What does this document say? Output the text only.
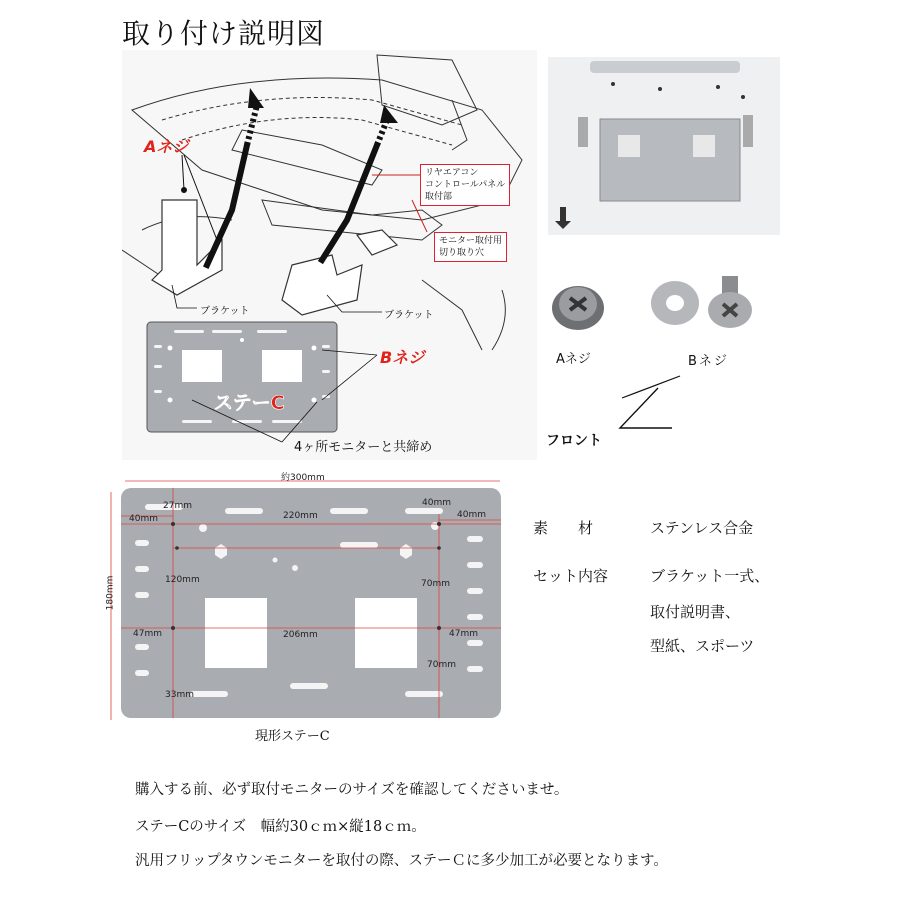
取り付け説明図
Aネジ
リヤエアコン
コントロールパネル
取付部
モニター取付用
切り取り穴
ブラケット	ブラケット
Bネジ
ステーC
4ヶ所モニターと共締め
Aネジ	Bネジ
フロント
約300mm
180mm
27mm
40mm	220mm
40mm
40mm
120mm	70mm
47mm	206mm	47mm
70mm
33mm
現形ステーC
素　　材	ステンレス合金
セット内容	ブラケット一式、
取付説明書、
型紙、スポーツ
購入する前、必ず取付モニターのサイズを確認してくださいませ。
ステーCのサイズ　幅約30ｃｍ×縦18ｃｍ。
汎用フリップタウンモニターを取付の際、ステーＣに多少加工が必要となります。
